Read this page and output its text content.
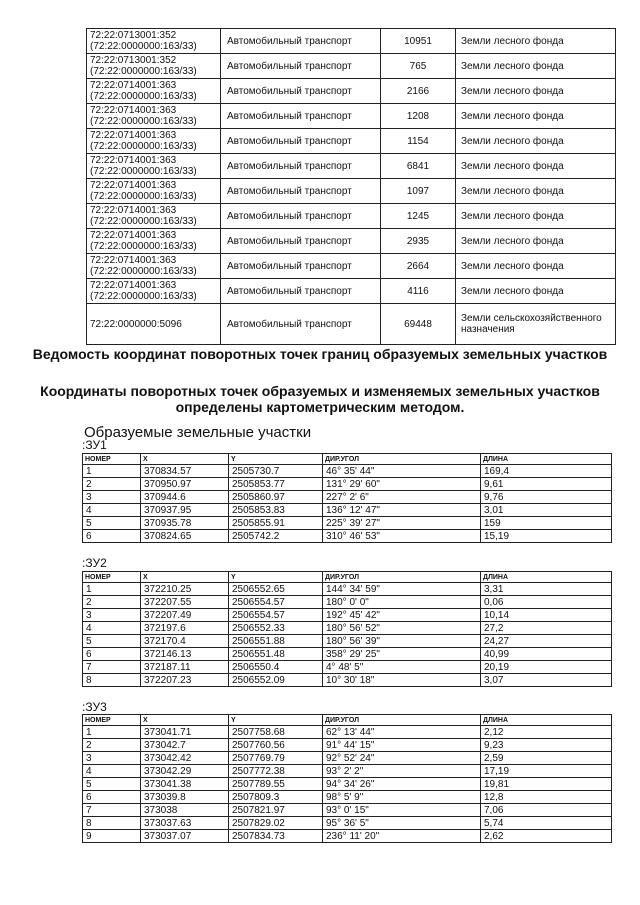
72:22:0713001:352
(72:22:0000000:163/33)	Автомобильный транспорт	10951	Земли лесного фонда
72:22:0713001:352
(72:22:0000000:163/33)	Автомобильный транспорт	765	Земли лесного фонда
72:22:0714001:363
(72:22:0000000:163/33)	Автомобильный транспорт	2166	Земли лесного фонда
72:22:0714001:363
(72:22:0000000:163/33)	Автомобильный транспорт	1208	Земли лесного фонда
72:22:0714001:363
(72:22:0000000:163/33)	Автомобильный транспорт	1154	Земли лесного фонда
72:22:0714001:363
(72:22:0000000:163/33)	Автомобильный транспорт	6841	Земли лесного фонда
72:22:0714001:363
(72:22:0000000:163/33)	Автомобильный транспорт	1097	Земли лесного фонда
72:22:0714001:363
(72:22:0000000:163/33)	Автомобильный транспорт	1245	Земли лесного фонда
72:22:0714001:363
(72:22:0000000:163/33)	Автомобильный транспорт	2935	Земли лесного фонда
72:22:0714001:363
(72:22:0000000:163/33)	Автомобильный транспорт	2664	Земли лесного фонда
72:22:0714001:363
(72:22:0000000:163/33)	Автомобильный транспорт	4116	Земли лесного фонда
72:22:0000000:5096	Автомобильный транспорт	69448	Земли сельскохозяйственного назначения
Ведомость координат поворотных точек границ образуемых земельных участков
Координаты поворотных точек образуемых и изменяемых земельных участков определены картометрическим методом.
Образуемые земельные участки
:ЗУ1
НОМЕР	X	Y	ДИР.УГОЛ	ДЛИНА
1	370834.57	2505730.7	46° 35' 44"	169,4
2	370950.97	2505853.77	131° 29' 60"	9,61
3	370944.6	2505860.97	227° 2' 6"	9,76
4	370937.95	2505853.83	136° 12' 47"	3,01
5	370935.78	2505855.91	225° 39' 27"	159
6	370824.65	2505742.2	310° 46' 53"	15,19
:ЗУ2
НОМЕР	X	Y	ДИР.УГОЛ	ДЛИНА
1	372210.25	2506552.65	144° 34' 59"	3,31
2	372207.55	2506554.57	180° 0' 0"	0,06
3	372207.49	2506554.57	192° 45' 42"	10,14
4	372197.6	2506552.33	180° 56' 52"	27,2
5	372170.4	2506551.88	180° 56' 39"	24,27
6	372146.13	2506551.48	358° 29' 25"	40,99
7	372187.11	2506550.4	4° 48' 5"	20,19
8	372207.23	2506552.09	10° 30' 18"	3,07
:ЗУ3
НОМЕР	X	Y	ДИР.УГОЛ	ДЛИНА
1	373041.71	2507758.68	62° 13' 44"	2,12
2	373042.7	2507760.56	91° 44' 15"	9,23
3	373042.42	2507769.79	92° 52' 24"	2,59
4	373042.29	2507772.38	93° 2' 2"	17,19
5	373041.38	2507789.55	94° 34' 26"	19,81
6	373039.8	2507809.3	98° 5' 9"	12,8
7	373038	2507821.97	93° 0' 15"	7,06
8	373037.63	2507829.02	95° 36' 5"	5,74
9	373037.07	2507834.73	236° 11' 20"	2,62
